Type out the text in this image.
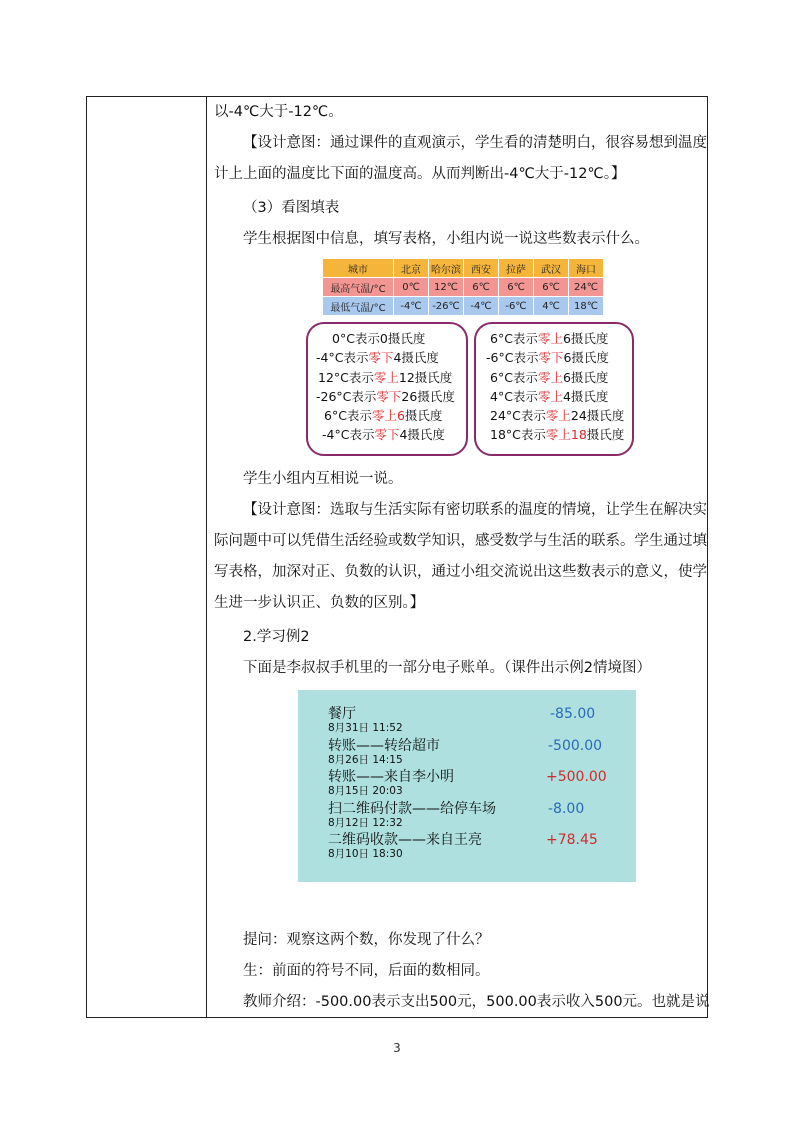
以-4℃大于-12℃。

【设计意图：通过课件的直观演示，学生看的清楚明白，很容易想到温度

计上上面的温度比下面的温度高。从而判断出-4℃大于-12℃。】

（3）看图填表

学生根据图中信息，填写表格，小组内说一说这些数表示什么。

城市	北京	哈尔滨	西安	拉萨	武汉	海口
最高气温/°C	0℃	12℃	6℃	6℃	6℃	24℃
最低气温/°C	-4℃	-26℃	-4℃	-6℃	4℃	18℃
0°C表示0摄氏度
-4°C表示零下4摄氏度
12°C表示零上12摄氏度
-26°C表示零下26摄氏度
6°C表示零上6摄氏度
-4°C表示零下4摄氏度
6°C表示零上6摄氏度
-6°C表示零下6摄氏度
6°C表示零上6摄氏度
4°C表示零上4摄氏度
24°C表示零上24摄氏度
18°C表示零上18摄氏度

学生小组内互相说一说。

【设计意图：选取与生活实际有密切联系的温度的情境，让学生在解决实

际问题中可以凭借生活经验或数学知识，感受数学与生活的联系。学生通过填

写表格，加深对正、负数的认识，通过小组交流说出这些数表示的意义，使学

生进一步认识正、负数的区别。】

2.学习例2

下面是李叔叔手机里的一部分电子账单。（课件出示例2情境图）

餐厅
8月31日 11:52
-85.00
转账——转给超市
8月26日 14:15
-500.00
转账——来自李小明
8月15日 20:03
+500.00
扫二维码付款——给停车场
8月12日 12:32
-8.00
二维码收款——来自王亮
8月10日 18:30
+78.45

提问：观察这两个数，你发现了什么？

生：前面的符号不同，后面的数相同。

教师介绍：-500.00表示支出500元，500.00表示收入500元。也就是说

3
